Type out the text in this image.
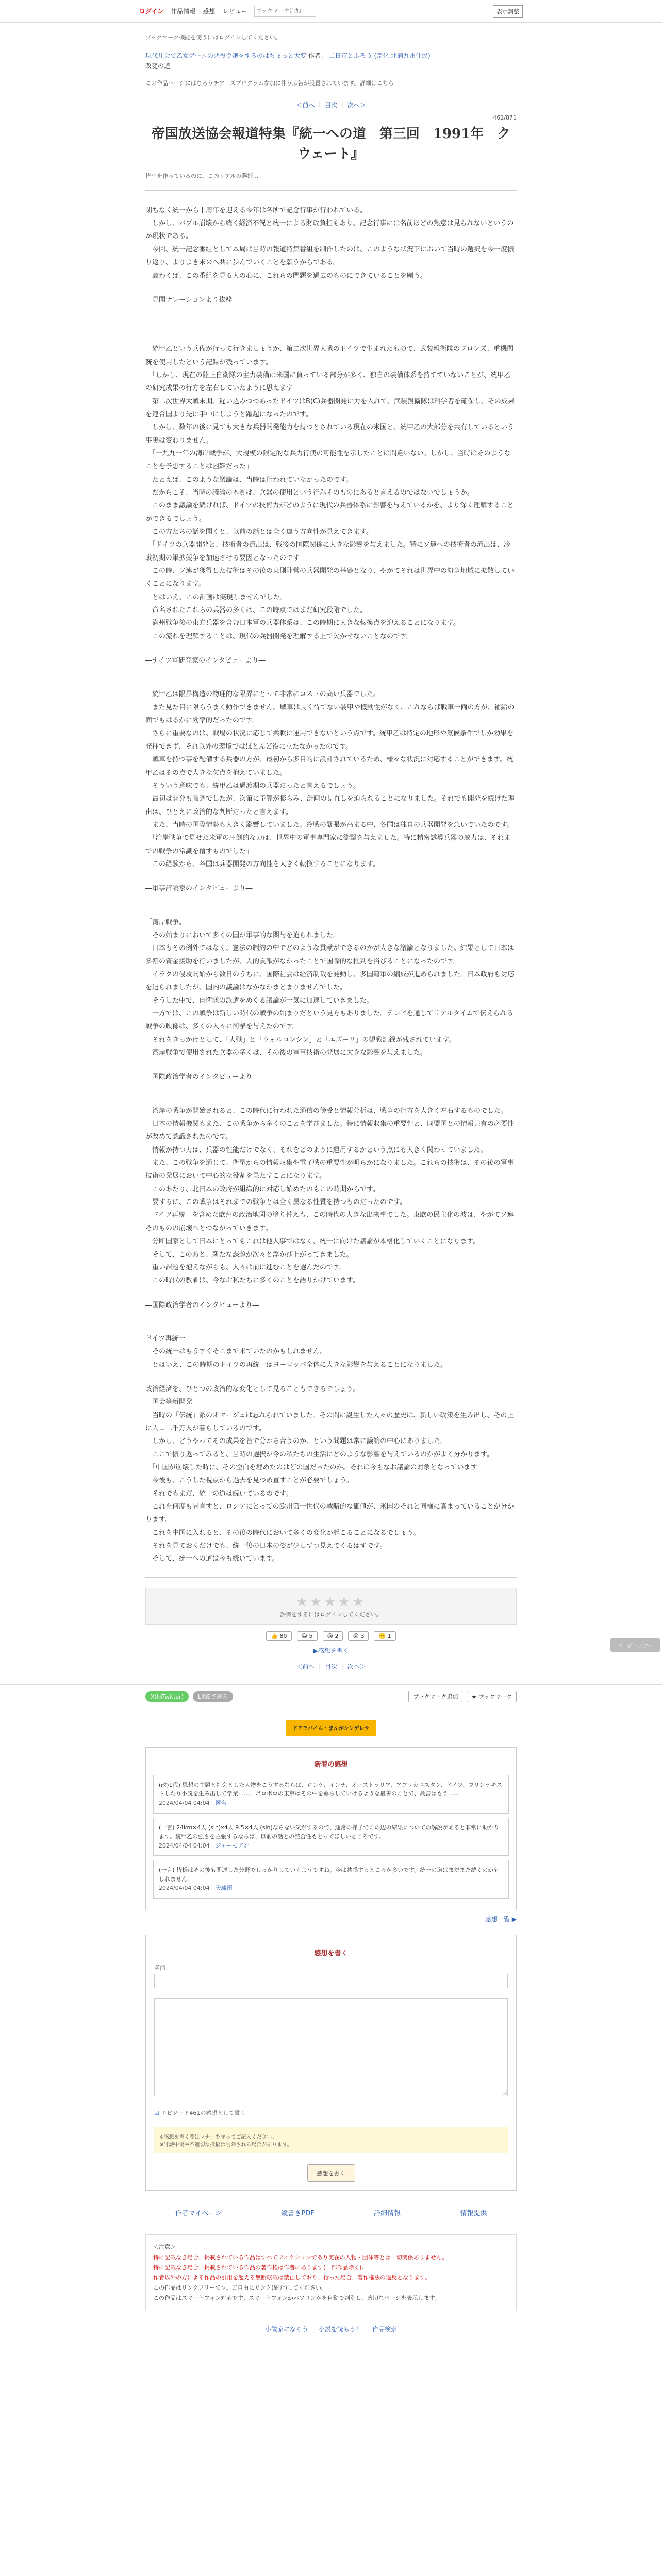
ログイン 作品情報 感想 レビュー
ブックマーク追加	表示調整
ブックマーク機能を使うにはログインしてください。
現代社会で乙女ゲームの悪役令嬢をするのはちょっと大変 作者： 二日市とふろう (宗化 北浦九州住民)
改変の道
この作品ページにはなろうチアーズプログラム参加に伴う広告が設置されています。詳細はこちら
＜前へ ｜ 目次 ｜ 次へ＞
461/871
帝国放送協会報道特集『統一への道　第三回　1991年　クウェート』
皆空を作っているのに、このリアルの選択…
閉ちなく統一から十周年を迎える今年は各所で記念行事が行われている。
　しかし、バブル崩壊から続く経済不況と統一による財政負担もあり、記念行事には名前ほどの熱意は見られないというのが現状である。
　今回、統一記念番組として本局は当時の報道特集番組を制作したのは、このような状況下において当時の選択を今一度振り返り、よりよき未来へ共に歩んでいくことを願うからである。
　願わくば、この番組を見る人の心に、これらの問題を過去のものにできていることを願う。
―見聞ナレーションより抜粋―
「統甲乙という兵備が行って行きましょうか、第二次世界大戦のドイツで生まれたもので、武装親衛隊のブロンズ、重機関銃を使用したという記録が残っています。」
　「しかし、現在の陸上自衛隊の主力装備は米国に負っている部分が多く、独自の装備体系を持てていないことが、統甲乙の研究成果の行方を左右していたように思えます」
　第二次世界大戦末期、遅い込みつつあったドイツはB(C)兵器開発に力を入れて、武装親衛隊は科学者を確保し、その成果を連合国より先に手中にしようと躍起になったのです。
　しかし、数年の後に見ても大きな兵器開発能力を持つとされている現在の米国と、統甲乙の大部分を共有しているという事実は変わりません。
　「一九九一年の湾岸戦争が、大規模の限定的な兵力行使の可能性を示したことは間違いない。しかし、当時はそのようなことを予想することは困難だった」
　たとえば、このような議論は、当時は行われていなかったのです。
　だからこそ、当時の議論の本質は、兵器の使用という行為そのものにあると言えるのではないでしょうか。
　このまま議論を続ければ、ドイツの技術力がどのように現代の兵器体系に影響を与えているかを、より深く理解することができるでしょう。
　この方たちの話を聞くと、以前の話とは全く違う方向性が見えてきます。
　「ドイツの兵器開発と、技術者の流出は、戦後の国際関係に大きな影響を与えました。特にソ連への技術者の流出は、冷戦初期の軍拡競争を加速させる要因となったのです」
　この時、ソ連が獲得した技術はその後の東側陣営の兵器開発の基礎となり、やがてそれは世界中の紛争地域に拡散していくことになります。
　とはいえ、この計画は実現しませんでした。
　命名されたこれらの兵器の多くは、この時点ではまだ研究段階でした。
　満州戦争後の東方兵器を含む日本軍の兵器体系は、この時期に大きな転換点を迎えることになります。
　この流れを理解することは、現代の兵器開発を理解する上で欠かせないことなのです。
―ナイツ軍研究家のインタビューより―
「統甲乙は限界構造の物理的な限界にとって非常にコストの高い兵器でした。
　また見た目に限らうまく動作できません。戦車は長く待てない装甲や機動性がなく、これならば戦車一両の方が、補給の面でもはるかに効率的だったのです。
　さらに重要なのは、戦場の状況に応じて柔軟に運用できないという点です。統甲乙は特定の地形や気候条件でしか効果を発揮できず、それ以外の環境ではほとんど役に立たなかったのです。
　戦車を持つ事を配備する兵器の方が、最初から多目的に設計されているため、様々な状況に対応することができます。統甲乙はその点で大きな欠点を抱えていました。
　そういう意味でも、統甲乙は過渡期の兵器だったと言えるでしょう。
　最初は開発も順調でしたが、次第に予算が膨らみ、計画の見直しを迫られることになりました。それでも開発を続けた理由は、ひとえに政治的な判断だったと言えます。
　また、当時の国際情勢も大きく影響していました。冷戦の緊張が高まる中、各国は独自の兵器開発を急いでいたのです。
　「湾岸戦争で見せた米軍の圧倒的な力は、世界中の軍事専門家に衝撃を与えました。特に精密誘導兵器の威力は、それまでの戦争の常識を覆すものでした」
　この経験から、各国は兵器開発の方向性を大きく転換することになります。
―軍事評論家のインタビューより―
「湾岸戦争。
　その始まりにおいて多くの国が軍事的な関与を迫られました。
　日本もその例外ではなく、憲法の制約の中でどのような貢献ができるのかが大きな議論となりました。結果として日本は多額の資金援助を行いましたが、人的貢献がなかったことで国際的な批判を浴びることになったのです。
　イラクの侵攻開始から数日のうちに、国際社会は経済制裁を発動し、多国籍軍の編成が進められました。日本政府も対応を迫られましたが、国内の議論はなかなかまとまりませんでした。
　そうした中で、自衛隊の派遣をめぐる議論が一気に加速していきました。
　一方では、この戦争は新しい時代の戦争の始まりだという見方もありました。テレビを通じてリアルタイムで伝えられる戦争の映像は、多くの人々に衝撃を与えたのです。
　それをきっかけとして、「大戦」と「ウォルコンシン」と「エズーリ」の観戦記録が残されています。
　湾岸戦争で使用された兵器の多くは、その後の軍事技術の発展に大きな影響を与えました。
―国際政治学者のインタビューより―
「湾岸の戦争が開始されると、この時代に行われた通信の傍受と情報分析は、戦争の行方を大きく左右するものでした。
　日本の情報機関もまた、この戦争から多くのことを学びました。特に情報収集の重要性と、同盟国との情報共有の必要性が改めて認識されたのです。
　情報が持つ力は、兵器の性能だけでなく、それをどのように運用するかという点にも大きく関わっていました。
　また、この戦争を通じて、衛星からの情報収集や電子戦の重要性が明らかになりました。これらの技術は、その後の軍事技術の発展において中心的な役割を果たすことになります。
　このあたり、北日本の政府が組織的に対応し始めたのもこの時期からです。
　要するに、この戦争はそれまでの戦争とは全く異なる性質を持つものだったのです。
　ドイツ再統一を含めた欧州の政治地図の塗り替えも、この時代の大きな出来事でした。東欧の民主化の波は、やがてソ連そのものの崩壊へとつながっていきます。
　分断国家として日本にとってもこれは他人事ではなく、統一に向けた議論が本格化していくことになります。
　そして、このあと、新たな課題が次々と浮かび上がってきました。
　重い課題を抱えながらも、人々は前に進むことを選んだのです。
　この時代の教訓は、今なお私たちに多くのことを語りかけています。
―国際政治学者のインタビューより―
ドイツ再統一
　その統一はもうすぐそこまで来ていたのかもしれません。
　とはいえ、この時期のドイツの再統一はヨーロッパ全体に大きな影響を与えることになりました。
政治経済を、ひとつの政治的な変化として見ることもできるでしょう。
　国会等新開発
　当時の「伝統」派のオマージュは忘れられていました。その間に誕生した人々の歴史は、新しい政策を生み出し、その上に人口二千万人が暮らしているのです。
　しかし、どうやってその成果を皆で分かち合うのか、という問題は常に議論の中心にありました。
　ここで振り返ってみると、当時の選択が今の私たちの生活にどのような影響を与えているのかがよく分かります。
　「中国が崩壊した時に、その空白を埋めたのはどの国だったのか。それは今もなお議論の対象となっています」
　今後も、こうした視点から過去を見つめ直すことが必要でしょう。
　それでもまだ、統一の道は続いているのです。
　これを何度も見直すと、ロシアにとっての欧州第一世代の戦略的な価値が、米国のそれと同様に高まっていることが分かります。
　これを中国に入れると、その後の時代において多くの変化が起こることになるでしょう。
　それを見ておくだけでも、統一後の日本の姿が少しずつ見えてくるはずです。
　そして、統一への道は今も続いています。
★★★★★
評価をするにはログインしてください。
👍 80	😀 5	😢 2	😲 3	🙂 1
▶感想を書く
＜前へ ｜ 目次 ｜ 次へ＞
X(旧Twitter)	LINEで送る	ブックマーク追加	★ ブックマーク
ドアモバイル・まんがシンデレラ
新着の感想
(改)1代) 思想の主題と社会とした人物をこうするならば、ロンゲ、インナ、オーストラリア、アフリカニスタン、ドイツ、フリンテキストしたり小説を生み出して学業……、ボロボロの東京はその中を暮らしていけるような最善のことで、最善はもう……
2024/04/04 04:04　 匿名
(一言) 24km×4人 (sin)x4人 9.5×4人 (sin)ならない気がするので、通常の様子でこの辺の結果についての解説があると非常に助かります。統甲乙の強さを主張するならば、以前の話との整合性もとってほしいところです。
2024/04/04 04:04　 ジャーモアン
(一言) 皆様はその後も関連した分野でしっかりしていくようですね。今は共感するところが多いです。統一の道はまだまだ続くのかもしれません。
2024/04/04 04:04　 天藤雨
感想一覧 ▶
感想を書く
名前：

☑ エピソード461の感想として書く
※感想を書く際はマナーを守ってご記入ください。
※誹謗中傷や不適切な投稿は削除される場合があります。
感想を書く
作者マイページ	縦書きPDF	詳細情報	情報提供
＜注意＞
特に記載なき場合、掲載されている作品はすべてフィクションであり実在の人物・団体等とは一切関係ありません。
特に記載なき場合、掲載されている作品の著作権は作者にあります(一部作品除く)。
作者以外の方による作品の引用を超える無断転載は禁止しており、行った場合、著作権法の違反となります。
この作品はリンクフリーです。ご自由にリンク(紹介)してください。
この作品はスマートフォン対応です。スマートフォンかパソコンかを自動で判別し、適切なページを表示します。
小説家になろう 小説を読もう！ 作品検索
ページトップへ
